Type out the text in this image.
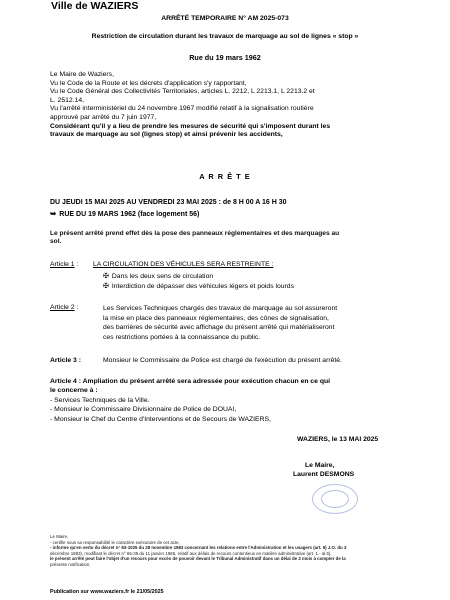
Ville de WAZIERS
ARRÊTÉ TEMPORAIRE N° AM 2025-073
Restriction de circulation durant les travaux de marquage au sol de lignes « stop »
Rue du 19 mars 1962
Le Maire de Waziers,
Vu le Code de la Route et les décrets d'application s'y rapportant,
Vu le Code Général des Collectivités Territoriales, articles L. 2212, L 2213.1, L 2213.2 et
L. 2512.14,
Vu l'arrêté interministériel du 24 novembre 1967 modifié relatif à la signalisation routière
approuvé par arrêté du 7 juin 1977,
Considérant qu'il y a lieu de prendre les mesures de sécurité qui s'imposent durant les
travaux de marquage au sol (lignes stop) et ainsi prévenir les accidents,
A R R Ê T E
DU JEUDI 15 MAI 2025 AU VENDREDI 23 MAI 2025 : de 8 H 00 A 16 H 30
➥ RUE DU 19 MARS 1962 (face logement 56)
Le présent arrêté prend effet dès la pose des panneaux réglementaires et des marquages au
sol.
Article 1 : LA CIRCULATION DES VÉHICULES SERA RESTREINTE :
✠ Dans les deux sens de circulation
✠ Interdiction de dépasser des véhicules légers et poids lourds
Article 2 :	Les Services Techniques chargés des travaux de marquage au sol assureront
la mise en place des panneaux réglementaires, des cônes de signalisation,
des barrières de sécurité avec affichage du présent arrêté qui matérialiseront
ces restrictions portées à la connaissance du public.
Article 3 :	Monsieur le Commissaire de Police est chargé de l'exécution du présent arrêté.
Article 4 : Ampliation du présent arrêté sera adressée pour exécution chacun en ce qui
le concerne à :
- Services Techniques de la Ville.
- Monsieur le Commissaire Divisionnaire de Police de DOUAI,
- Monsieur le Chef du Centre d'Interventions et de Secours de WAZIERS,
WAZIERS, le 13 MAI 2025
Le Maire,
Laurent DESMONS
Le Maire,
- certifie sous sa responsabilité le caractère exécutoire de cet acte,
- informe qu'en vertu du décret n° 83-1025 du 28 novembre 1983 concernant les relations entre l'Administration et les usagers (art. 9) J.O. du 3
décembre 1983), modifiant le décret n° 65-35 du 11 janvier 1965, relatif aux délais de recours contentieux en matière administrative (art. 1 - al.6),
le présent arrêté peut faire l'objet d'un recours pour excès de pouvoir devant le Tribunal Administratif dans un délai de 2 mois à compter de la
présente notification.
Publication sur www.waziers.fr le 21/05/2025
